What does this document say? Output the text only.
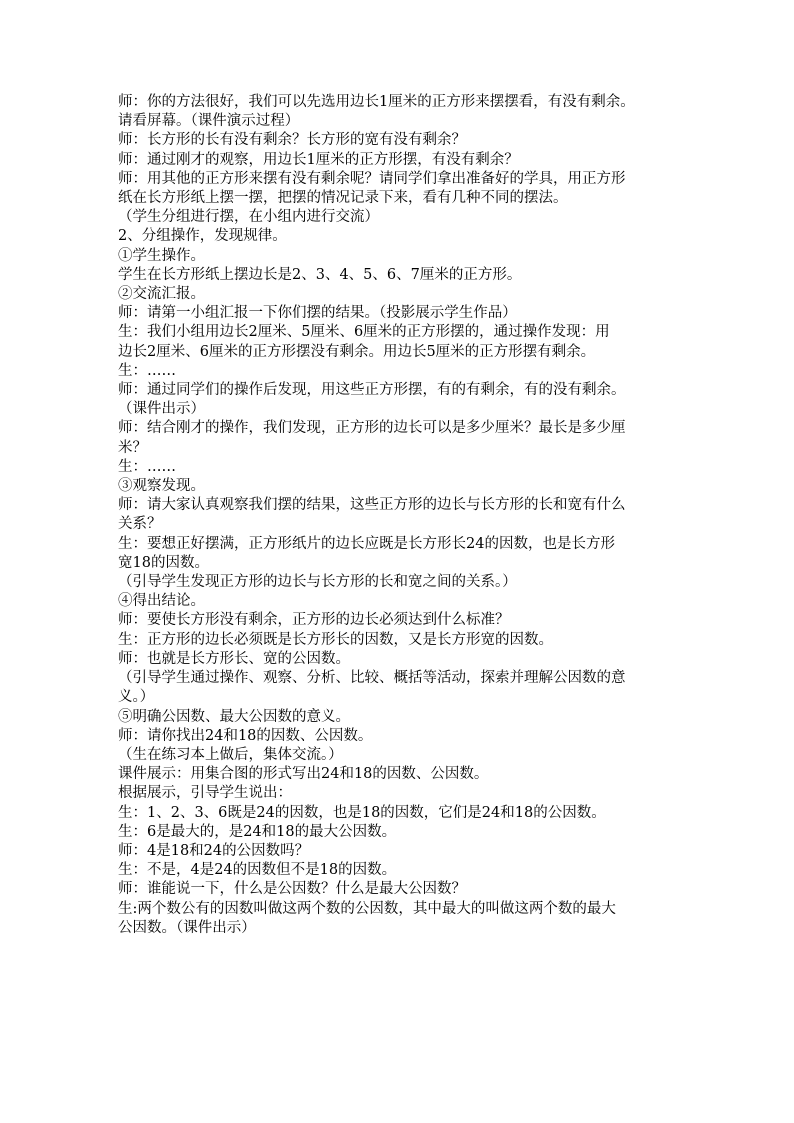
师：你的方法很好，我们可以先选用边长1厘米的正方形来摆摆看，有没有剩余。
请看屏幕。（课件演示过程）
师：长方形的长有没有剩余？长方形的宽有没有剩余？
师：通过刚才的观察，用边长1厘米的正方形摆，有没有剩余？
师：用其他的正方形来摆有没有剩余呢？请同学们拿出准备好的学具，用正方形
纸在长方形纸上摆一摆，把摆的情况记录下来，看有几种不同的摆法。
（学生分组进行摆，在小组内进行交流）
2、分组操作，发现规律。
①学生操作。
学生在长方形纸上摆边长是2、3、4、5、6、7厘米的正方形。
②交流汇报。
师：请第一小组汇报一下你们摆的结果。（投影展示学生作品）
生：我们小组用边长2厘米、5厘米、6厘米的正方形摆的，通过操作发现：用
边长2厘米、6厘米的正方形摆没有剩余。用边长5厘米的正方形摆有剩余。
生：……
师：通过同学们的操作后发现，用这些正方形摆，有的有剩余，有的没有剩余。
（课件出示）
师：结合刚才的操作，我们发现，正方形的边长可以是多少厘米？最长是多少厘
米？
生：……
③观察发现。
师：请大家认真观察我们摆的结果，这些正方形的边长与长方形的长和宽有什么
关系？
生：要想正好摆满，正方形纸片的边长应既是长方形长24的因数，也是长方形
宽18的因数。
（引导学生发现正方形的边长与长方形的长和宽之间的关系。）
④得出结论。
师：要使长方形没有剩余，正方形的边长必须达到什么标准？
生：正方形的边长必须既是长方形长的因数，又是长方形宽的因数。
师：也就是长方形长、宽的公因数。
（引导学生通过操作、观察、分析、比较、概括等活动，探索并理解公因数的意
义。）
⑤明确公因数、最大公因数的意义。
师：请你找出24和18的因数、公因数。
（生在练习本上做后，集体交流。）
课件展示：用集合图的形式写出24和18的因数、公因数。
根据展示，引导学生说出：
生：1、2、3、6既是24的因数，也是18的因数，它们是24和18的公因数。
生：6是最大的，是24和18的最大公因数。
师：4是18和24的公因数吗？
生：不是，4是24的因数但不是18的因数。
师：谁能说一下，什么是公因数？什么是最大公因数？
生:两个数公有的因数叫做这两个数的公因数，其中最大的叫做这两个数的最大
公因数。（课件出示）
